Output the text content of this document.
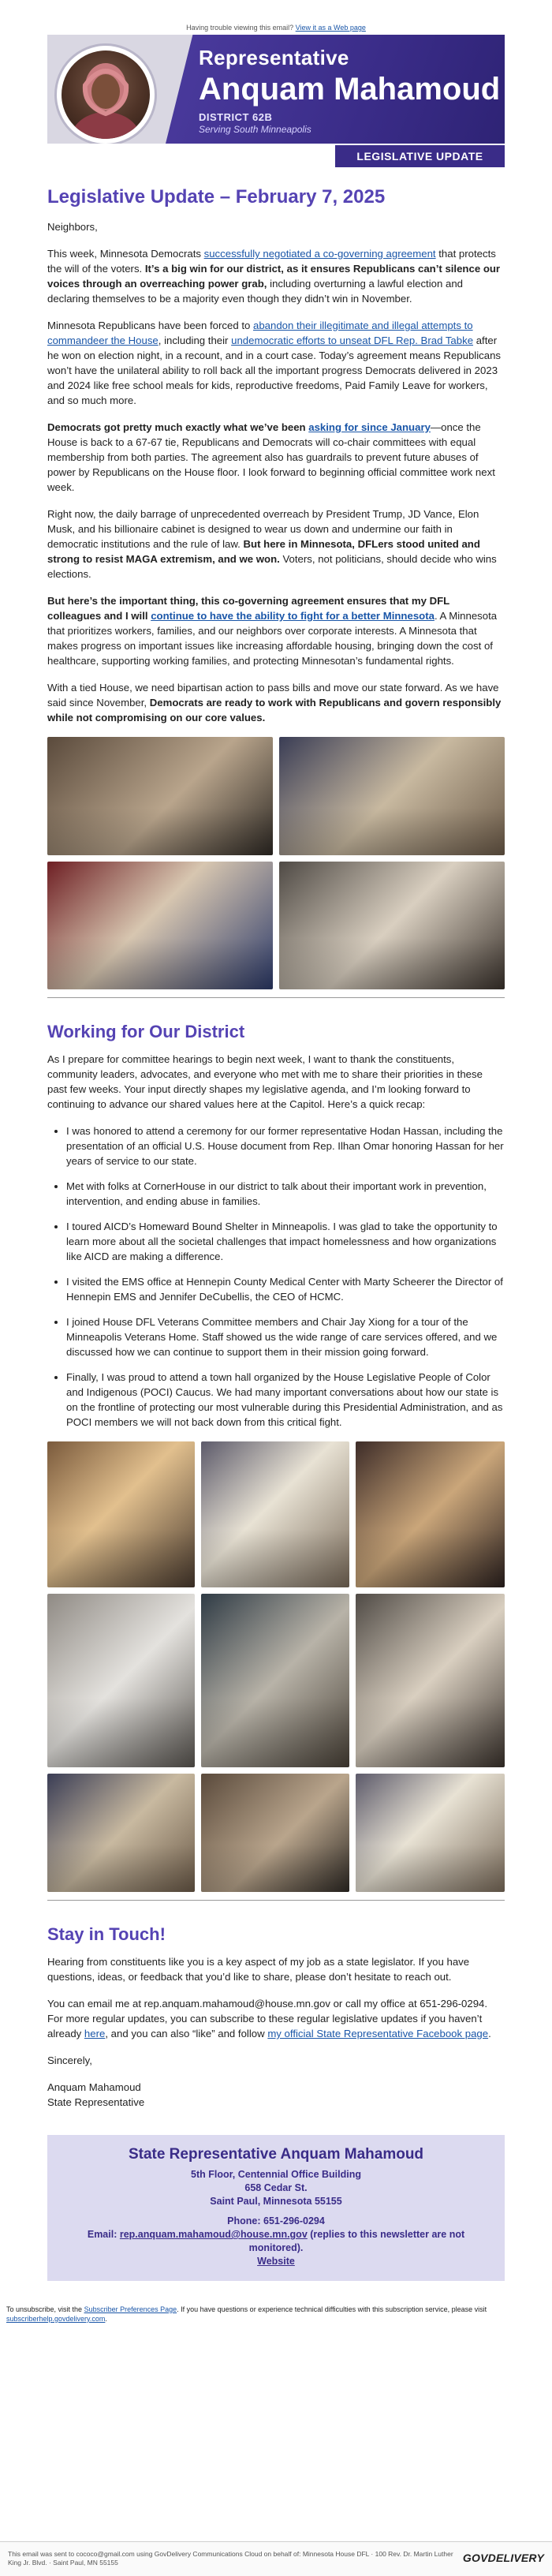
Having trouble viewing this email? View it as a Web page
Representative
Anquam Mahamoud
DISTRICT 62B
Serving South Minneapolis
LEGISLATIVE UPDATE
Legislative Update – February 7, 2025

Neighbors,

This week, Minnesota Democrats successfully negotiated a co-governing agreement that protects the will of the voters. It’s a big win for our district, as it ensures Republicans can’t silence our voices through an overreaching power grab, including overturning a lawful election and declaring themselves to be a majority even though they didn’t win in November.

Minnesota Republicans have been forced to abandon their illegitimate and illegal attempts to commandeer the House, including their undemocratic efforts to unseat DFL Rep. Brad Tabke after he won on election night, in a recount, and in a court case. Today’s agreement means Republicans won’t have the unilateral ability to roll back all the important progress Democrats delivered in 2023 and 2024 like free school meals for kids, reproductive freedoms, Paid Family Leave for workers, and so much more.

Democrats got pretty much exactly what we’ve been asking for since January—once the House is back to a 67-67 tie, Republicans and Democrats will co-chair committees with equal membership from both parties. The agreement also has guardrails to prevent future abuses of power by Republicans on the House floor. I look forward to beginning official committee work next week.

Right now, the daily barrage of unprecedented overreach by President Trump, JD Vance, Elon Musk, and his billionaire cabinet is designed to wear us down and undermine our faith in democratic institutions and the rule of law. But here in Minnesota, DFLers stood united and strong to resist MAGA extremism, and we won. Voters, not politicians, should decide who wins elections.

But here’s the important thing, this co-governing agreement ensures that my DFL colleagues and I will continue to have the ability to fight for a better Minnesota. A Minnesota that prioritizes workers, families, and our neighbors over corporate interests. A Minnesota that makes progress on important issues like increasing affordable housing, bringing down the cost of healthcare, supporting working families, and protecting Minnesotan’s fundamental rights.

With a tied House, we need bipartisan action to pass bills and move our state forward. As we have said since November, Democrats are ready to work with Republicans and govern responsibly while not compromising on our core values.

Working for Our District

As I prepare for committee hearings to begin next week, I want to thank the constituents, community leaders, advocates, and everyone who met with me to share their priorities in these past few weeks. Your input directly shapes my legislative agenda, and I’m looking forward to continuing to advance our shared values here at the Capitol. Here’s a quick recap:

• I was honored to attend a ceremony for our former representative Hodan Hassan, including the presentation of an official U.S. House document from Rep. Ilhan Omar honoring Hassan for her years of service to our state.
• Met with folks at CornerHouse in our district to talk about their important work in prevention, intervention, and ending abuse in families.
• I toured AICD’s Homeward Bound Shelter in Minneapolis. I was glad to take the opportunity to learn more about all the societal challenges that impact homelessness and how organizations like AICD are making a difference.
• I visited the EMS office at Hennepin County Medical Center with Marty Scheerer the Director of Hennepin EMS and Jennifer DeCubellis, the CEO of HCMC.
• I joined House DFL Veterans Committee members and Chair Jay Xiong for a tour of the Minneapolis Veterans Home. Staff showed us the wide range of care services offered, and we discussed how we can continue to support them in their mission going forward.
• Finally, I was proud to attend a town hall organized by the House Legislative People of Color and Indigenous (POCI) Caucus. We had many important conversations about how our state is on the frontline of protecting our most vulnerable during this Presidential Administration, and as POCI members we will not back down from this critical fight.
Stay in Touch!

Hearing from constituents like you is a key aspect of my job as a state legislator. If you have questions, ideas, or feedback that you’d like to share, please don’t hesitate to reach out.

You can email me at rep.anquam.mahamoud@house.mn.gov or call my office at 651-296-0294. For more regular updates, you can subscribe to these regular legislative updates if you haven’t already here, and you can also “like” and follow my official State Representative Facebook page.

Sincerely,

Anquam Mahamoud
State Representative

State Representative Anquam Mahamoud
5th Floor, Centennial Office Building
658 Cedar St.
Saint Paul, Minnesota 55155
Phone: 651-296-0294
Email: rep.anquam.mahamoud@house.mn.gov (replies to this newsletter are not monitored).
Website
To unsubscribe, visit the Subscriber Preferences Page. If you have questions or experience technical difficulties with this subscription service, please visit subscriberhelp.govdelivery.com.
This email was sent to cococo@gmail.com using GovDelivery Communications Cloud on behalf of: Minnesota House DFL · 100 Rev. Dr. Martin Luther King Jr. Blvd. · Saint Paul, MN 55155	GOVDELIVERY
